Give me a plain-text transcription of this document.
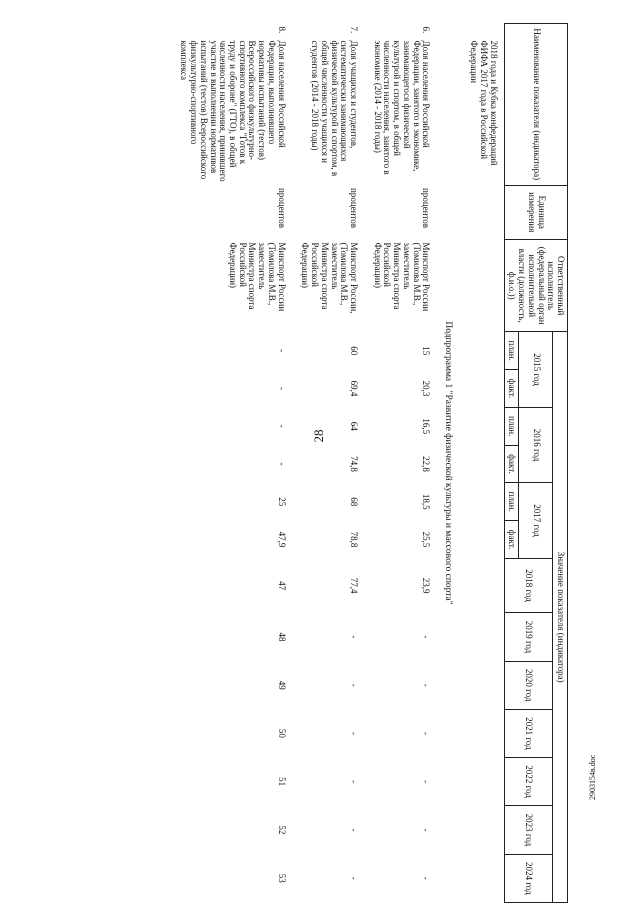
28
Наименование показателя (индикатора)	Единица измерения	Ответственный исполнитель (федеральный орган исполнительной власти (должность, ф.и.о.))	Значение показателя (индикатора)												
			2015 год		2016 год		2017 год		2018 год	2019 год	2020 год	2021 год	2022 год	2023 год	2024 год
			план.	факт.	план.	факт.	план.	факт.							
2018 года и Кубка конфедераций ФИФА 2017 года в Российской Федерации															
Подпрограмма 1 "Развитие физической культуры и массового спорта"															

6.
Доля населения Российской Федерации, занятого в экономике, занимающегося физической культурой и спортом, в общей численности населения, занятого в экономике (2014 - 2018 годы)	процентов	Минспорт России (Томилова М.В., заместитель Министра спорта Российской Федерации)	15	20,3	16,5	22,8	18,5	25,5	23,9	-	-	-	-	-	-

7.
Доля учащихся и студентов, систематически занимающихся физической культурой и спортом, в общей численности учащихся и студентов (2014 - 2018 годы)	процентов	Минспорт России, (Томилова М.В., заместитель Министра спорта Российской Федерации)	60	69,4	64	74,8	68	78,8	77,4	-	-	-	-	-	-

8.
Доля населения Российской Федерации, выполнившего нормативы испытаний (тестов) Всероссийского физкультурно-спортивного комплекса "Готов к труду и обороне" (ГТО), в общей численности населения, принявшего участие в выполнении нормативов испытаний (тестов) Всероссийского физкультурно-спортивного комплекса	процентов	Минспорт России (Томилова М.В., заместитель Министра спорта Российской Федерации)	-	-	-	-	25	47,9	47	48	49	50	51	52	53
2903154в.doc
